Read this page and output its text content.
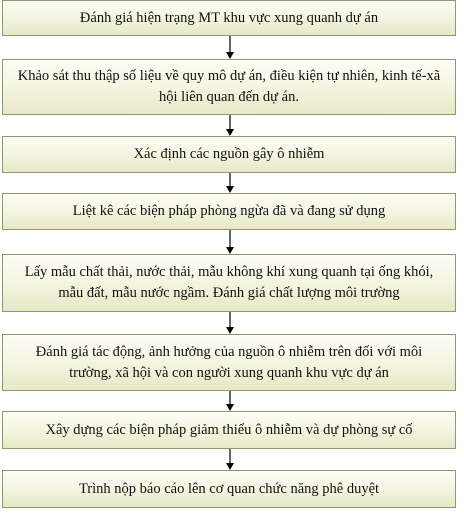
Đánh giá hiện trạng MT khu vực xung quanh dự án
Khảo sát thu thập số liệu về quy mô dự án, điều kiện tự nhiên, kinh tế-xã hội liên quan đến dự án.
Xác định các nguồn gây ô nhiễm
Liệt kê các biện pháp phòng ngừa đã và đang sử dụng
Lấy mẫu chất thải, nước thải, mẫu không khí xung quanh tại ống khói, mẫu đất, mẫu nước ngầm. Đánh giá chất lượng môi trường
Đánh giá tác động, ảnh hưởng của nguồn ô nhiễm trên đối với môi trường, xã hội và con người xung quanh khu vực dự án
Xây dựng các biện pháp giảm thiểu ô nhiễm và dự phòng sự cố
Trình nộp báo cáo lên cơ quan chức năng phê duyệt
